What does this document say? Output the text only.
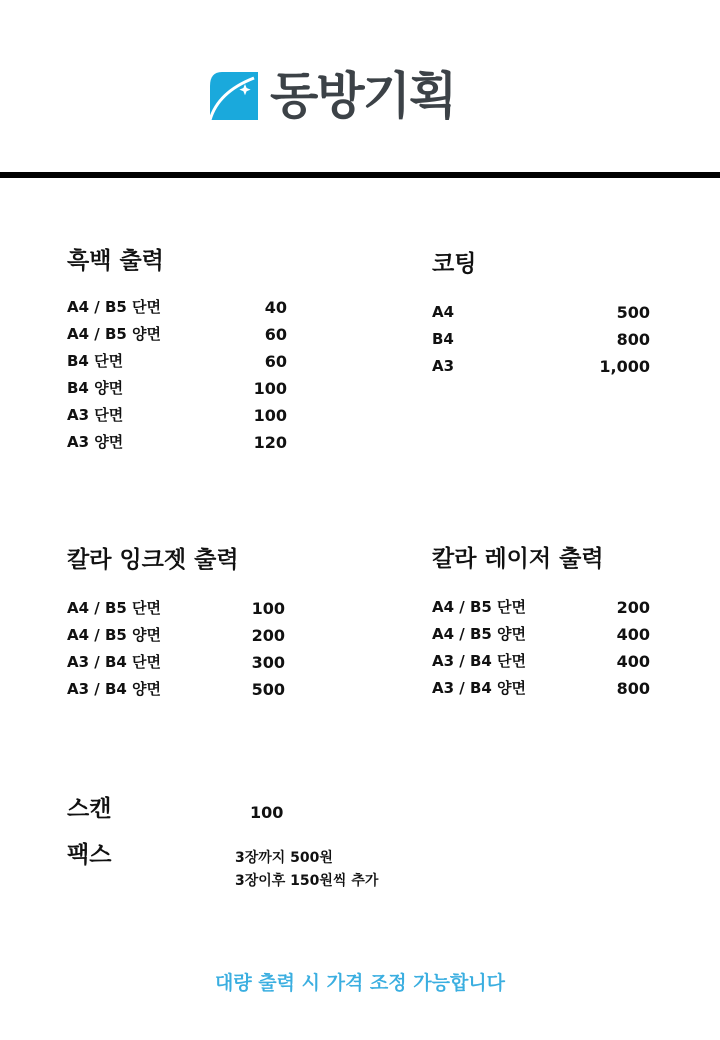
동방기획
흑백 출력
A4 / B5 단면	40
A4 / B5 양면	60
B4 단면	60
B4 양면	100
A3 단면	100
A3 양면	120
코팅
A4	500
B4	800
A3	1,000
칼라 잉크젯 출력
A4 / B5 단면	100
A4 / B5 양면	200
A3 / B4 단면	300
A3 / B4 양면	500
칼라 레이저 출력
A4 / B5 단면	200
A4 / B5 양면	400
A3 / B4 단면	400
A3 / B4 양면	800
스캔	100
팩스	3장까지 500원
3장이후 150원씩 추가
대량 출력 시 가격 조정 가능합니다
